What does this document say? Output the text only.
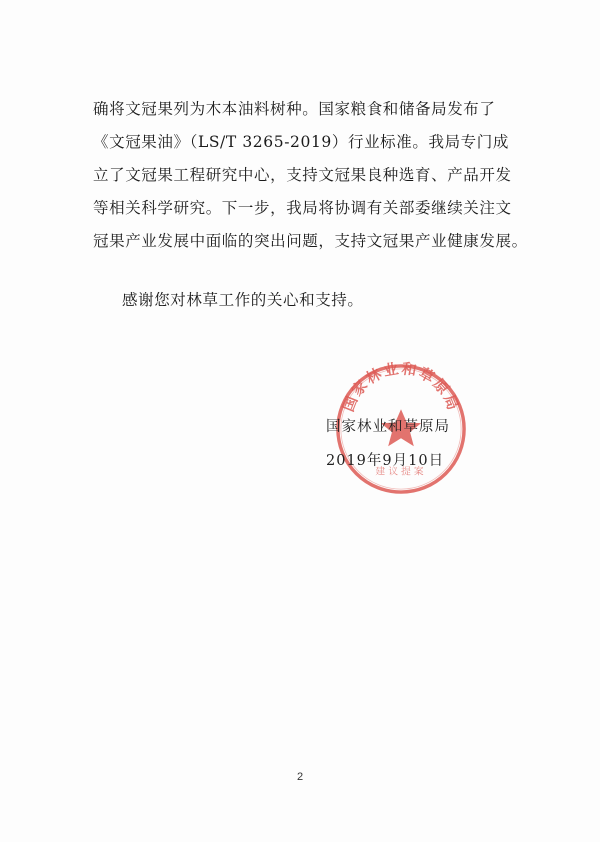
确将文冠果列为木本油料树种。国家粮食和储备局发布了
《文冠果油》（LS/T 3265-2019）行业标准。我局专门成
立了文冠果工程研究中心，支持文冠果良种选育、产品开发
等相关科学研究。下一步，我局将协调有关部委继续关注文
冠果产业发展中面临的突出问题，支持文冠果产业健康发展。
感谢您对林草工作的关心和支持。
国家林业和草原局
建议提案
国家林业和草原局
2019年9月10日
2
